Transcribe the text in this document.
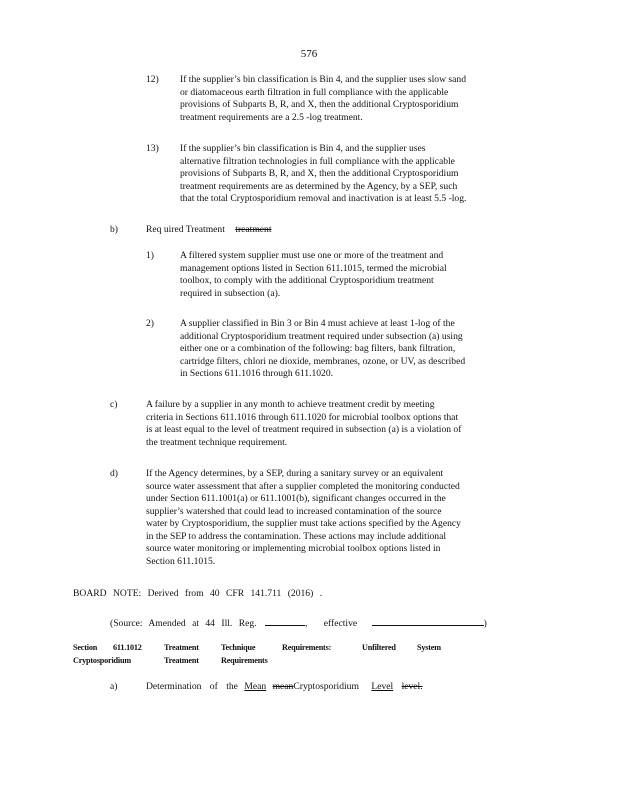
576
12)	If the supplier’s bin classification is Bin 4, and the supplier uses slow sand
or diatomaceous earth filtration in full compliance with the applicable
provisions of Subparts B, R, and X, then the additional Cryptosporidium
treatment requirements are a 2.5 -log treatment.
13)	If the supplier’s bin classification is Bin 4, and the supplier uses
alternative filtration technologies in full compliance with the applicable
provisions of Subparts B, R, and X, then the additional Cryptosporidium
treatment requirements are as determined by the Agency, by a SEP, such
that the total Cryptosporidium removal and inactivation is at least 5.5 -log.
b)	Req uired Treatment treatment
1)	A filtered system supplier must use one or more of the treatment and
management options listed in Section 611.1015, termed the microbial
toolbox, to comply with the additional Cryptosporidium treatment
required in subsection (a).
2)	A supplier classified in Bin 3 or Bin 4 must achieve at least 1-log of the
additional Cryptosporidium treatment required under subsection (a) using
either one or a combination of the following: bag filters, bank filtration,
cartridge filters, chlori ne dioxide, membranes, ozone, or UV, as described
in Sections 611.1016 through 611.1020.
c)	A failure by a supplier in any month to achieve treatment credit by meeting
criteria in Sections 611.1016 through 611.1020 for microbial toolbox options that
is at least equal to the level of treatment required in subsection (a) is a violation of
the treatment technique requirement.
d)	If the Agency determines, by a SEP, during a sanitary survey or an equivalent
source water assessment that after a supplier completed the monitoring conducted
under Section 611.1001(a) or 611.1001(b), significant changes occurred in the
supplier’s watershed that could lead to increased contamination of the source
water by Cryptosporidium, the supplier must take actions specified by the Agency
in the SEP to address the contamination. These actions may include additional
source water monitoring or implementing microbial toolbox options listed in
Section 611.1015.
BOARD NOTE: Derived from 40 CFR 141.711 (2016) .
(Source: Amended at 44 Ill. Reg.	, effective	)
Section 611.1012	Treatment	Technique	Requirements:	Unfiltered	System
Cryptosporidium	Treatment	Requirements
a)	Determination of the Mean meanCryptosporidium Level level.
